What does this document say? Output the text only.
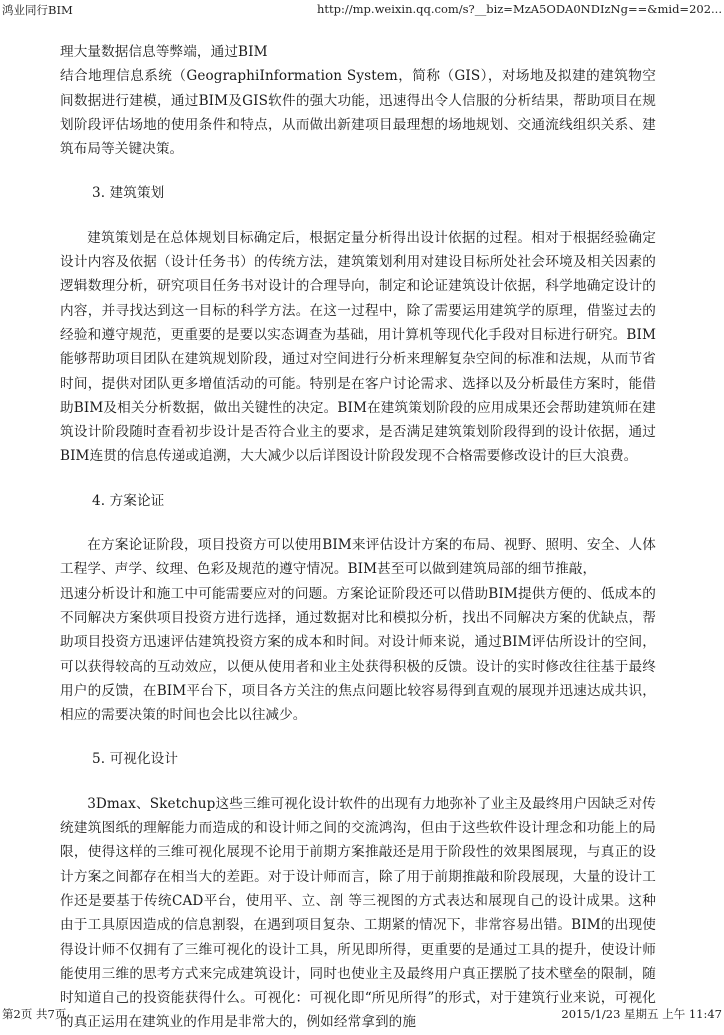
鸿业同行BIM	http://mp.weixin.qq.com/s?__biz=MzA5ODA0NDIzNg==&mid=202...

理大量数据信息等弊端，通过BIM

结合地理信息系统（GeographiInformation System，简称（GIS），对场地及拟建的建筑物空间数据进行建模，通过BIM及GIS软件的强大功能，迅速得出令人信服的分析结果，帮助项目在规划阶段评估场地的使用条件和特点，从而做出新建项目最理想的场地规划、交通流线组织关系、建筑布局等关键决策。

3. 建筑策划

建筑策划是在总体规划目标确定后，根据定量分析得出设计依据的过程。相对于根据经验确定设计内容及依据（设计任务书）的传统方法，建筑策划利用对建设目标所处社会环境及相关因素的逻辑数理分析，研究项目任务书对设计的合理导向，制定和论证建筑设计依据，科学地确定设计的内容，并寻找达到这一目标的科学方法。在这一过程中，除了需要运用建筑学的原理，借鉴过去的经验和遵守规范，更重要的是要以实态调查为基础，用计算机等现代化手段对目标进行研究。BIM能够帮助项目团队在建筑规划阶段，通过对空间进行分析来理解复杂空间的标准和法规，从而节省时间，提供对团队更多增值活动的可能。特别是在客户讨论需求、选择以及分析最佳方案时，能借助BIM及相关分析数据，做出关键性的决定。BIM在建筑策划阶段的应用成果还会帮助建筑师在建筑设计阶段随时查看初步设计是否符合业主的要求，是否满足建筑策划阶段得到的设计依据，通过BIM连贯的信息传递或追溯，大大减少以后详图设计阶段发现不合格需要修改设计的巨大浪费。

4. 方案论证

在方案论证阶段，项目投资方可以使用BIM来评估设计方案的布局、视野、照明、安全、人体工程学、声学、纹理、色彩及规范的遵守情况。BIM甚至可以做到建筑局部的细节推敲，

迅速分析设计和施工中可能需要应对的问题。方案论证阶段还可以借助BIM提供方便的、低成本的不同解决方案供项目投资方进行选择，通过数据对比和模拟分析，找出不同解决方案的优缺点，帮助项目投资方迅速评估建筑投资方案的成本和时间。对设计师来说，通过BIM评估所设计的空间，可以获得较高的互动效应，以便从使用者和业主处获得积极的反馈。设计的实时修改往往基于最终用户的反馈，在BIM平台下，项目各方关注的焦点问题比较容易得到直观的展现并迅速达成共识，相应的需要决策的时间也会比以往减少。

5. 可视化设计

3Dmax、Sketchup这些三维可视化设计软件的出现有力地弥补了业主及最终用户因缺乏对传统建筑图纸的理解能力而造成的和设计师之间的交流鸿沟，但由于这些软件设计理念和功能上的局限，使得这样的三维可视化展现不论用于前期方案推敲还是用于阶段性的效果图展现，与真正的设计方案之间都存在相当大的差距。对于设计师而言，除了用于前期推敲和阶段展现，大量的设计工作还是要基于传统CAD平台，使用平、立、剖 等三视图的方式表达和展现自己的设计成果。这种由于工具原因造成的信息割裂，在遇到项目复杂、工期紧的情况下，非常容易出错。BIM的出现使得设计师不仅拥有了三维可视化的设计工具，所见即所得，更重要的是通过工具的提升，使设计师能使用三维的思考方式来完成建筑设计，同时也使业主及最终用户真正摆脱了技术壁垒的限制，随时知道自己的投资能获得什么。可视化：可视化即“所见所得”的形式，对于建筑行业来说，可视化的真正运用在建筑业的作用是非常大的，例如经常拿到的施

第2页 共7页	2015/1/23 星期五 上午 11:47
